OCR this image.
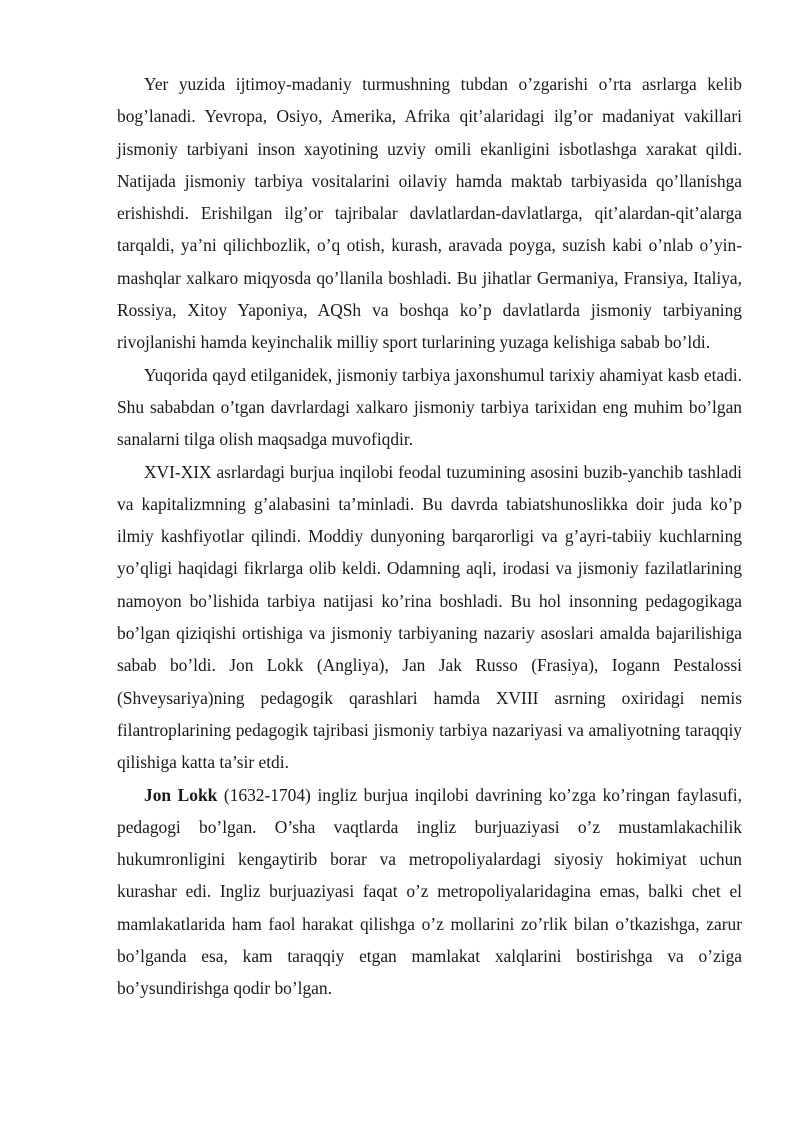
Yer yuzida ijtimoy-madaniy turmushning tubdan o’zgarishi o’rta asrlarga kelib bog’lanadi. Yevropa, Osiyo, Amerika, Afrika qit’alaridagi ilg’or madaniyat vakillari jismoniy tarbiyani inson xayotining uzviy omili ekanligini isbotlashga xarakat qildi. Natijada jismoniy tarbiya vositalarini oilaviy hamda maktab tarbiyasida qo’llanishga erishishdi. Erishilgan ilg’or tajribalar davlatlardan-davlatlarga, qit’alardan-qit’alarga tarqaldi, ya’ni qilichbozlik, o’q otish, kurash, aravada poyga, suzish kabi o’nlab o’yin-mashqlar xalkaro miqyosda qo’llanila boshladi. Bu jihatlar Germaniya, Fransiya, Italiya, Rossiya, Xitoy Yaponiya, AQSh va boshqa ko’p davlatlarda jismoniy tarbiyaning rivojlanishi hamda keyinchalik milliy sport turlarining yuzaga kelishiga sabab bo’ldi.

Yuqorida qayd etilganidek, jismoniy tarbiya jaxonshumul tarixiy ahamiyat kasb etadi. Shu sababdan o’tgan davrlardagi xalkaro jismoniy tarbiya tarixidan eng muhim bo’lgan sanalarni tilga olish maqsadga muvofiqdir.

XVI-XIX asrlardagi burjua inqilobi feodal tuzumining asosini buzib-yanchib tashladi va kapitalizmning g’alabasini ta’minladi. Bu davrda tabiatshunoslikka doir juda ko’p ilmiy kashfiyotlar qilindi. Moddiy dunyoning barqarorligi va g’ayri-tabiiy kuchlarning yo’qligi haqidagi fikrlarga olib keldi. Odamning aqli, irodasi va jismoniy fazilatlarining namoyon bo’lishida tarbiya natijasi ko’rina boshladi. Bu hol insonning pedagogikaga bo’lgan qiziqishi ortishiga va jismoniy tarbiyaning nazariy asoslari amalda bajarilishiga sabab bo’ldi. Jon Lokk (Angliya), Jan Jak Russo (Frasiya), Iogann Pestalossi (Shveysariya)ning pedagogik qarashlari hamda XVIII asrning oxiridagi nemis filantroplarining pedagogik tajribasi jismoniy tarbiya nazariyasi va amaliyotning taraqqiy qilishiga katta ta’sir etdi.

Jon Lokk (1632-1704) ingliz burjua inqilobi davrining ko’zga ko’ringan faylasufi, pedagogi bo’lgan. O’sha vaqtlarda ingliz burjuaziyasi o’z mustamlakachilik hukumronligini kengaytirib borar va metropoliyalardagi siyosiy hokimiyat uchun kurashar edi. Ingliz burjuaziyasi faqat o’z metropoliyalaridagina emas, balki chet el mamlakatlarida ham faol harakat qilishga o’z mollarini zo’rlik bilan o’tkazishga, zarur bo’lganda esa, kam taraqqiy etgan mamlakat xalqlarini bostirishga va o’ziga bo’ysundirishga qodir bo’lgan.
